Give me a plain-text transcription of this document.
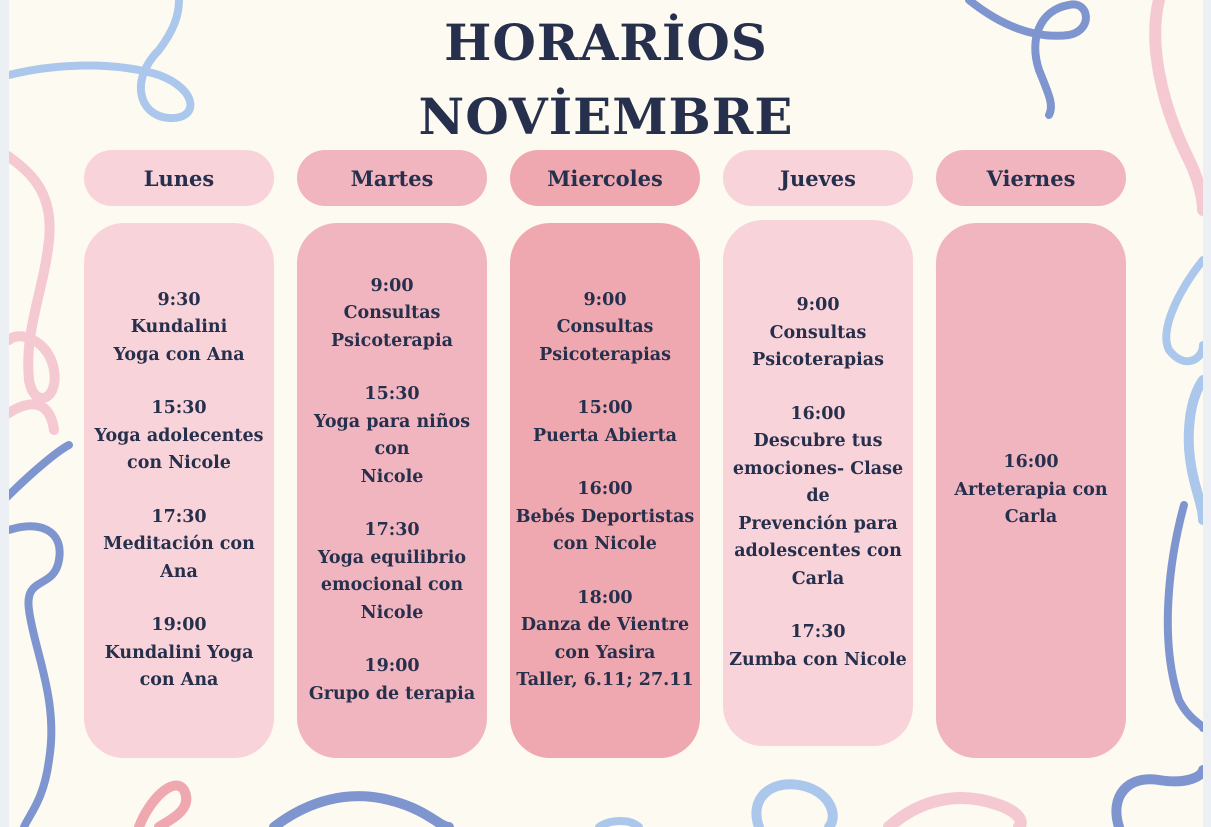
HORARİOS
NOVİEMBRE
Lunes
9:30
Kundalini
Yoga con Ana
15:30
Yoga adolecentes
con Nicole
17:30
Meditación con
Ana
19:00
Kundalini Yoga
con Ana
Martes
9:00
Consultas
Psicoterapia
15:30
Yoga para niños con
Nicole
17:30
Yoga equilibrio
emocional con
Nicole
19:00
Grupo de terapia
Miercoles
9:00
Consultas
Psicoterapias
15:00
Puerta Abierta
16:00
Bebés Deportistas
con Nicole
18:00
Danza de Vientre
con Yasira
Taller, 6.11; 27.11
Jueves
9:00
Consultas
Psicoterapias
16:00
Descubre tus
emociones- Clase de
Prevención para
adolescentes con
Carla
17:30
Zumba con Nicole
Viernes
16:00
Arteterapia con
Carla
